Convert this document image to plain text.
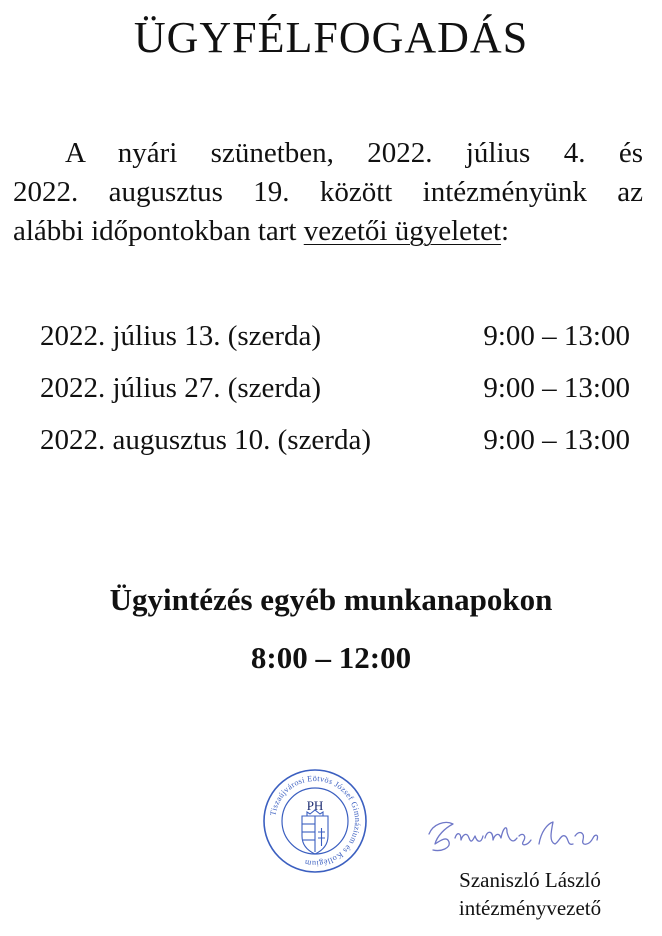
ÜGYFÉLFOGADÁS
A nyári szünetben, 2022. július 4. és
2022. augusztus 19. között intézményünk az
alábbi időpontokban tart vezetői ügyeletet:
2022. július 13. (szerda)	9:00 – 13:00
2022. július 27. (szerda)	9:00 – 13:00
2022. augusztus 10. (szerda)	9:00 – 13:00
Ügyintézés egyéb munkanapokon
8:00 – 12:00
Tiszaújvárosi Eötvös József Gimnázium és Kollégium
PH
Szaniszló László
intézményvezető
